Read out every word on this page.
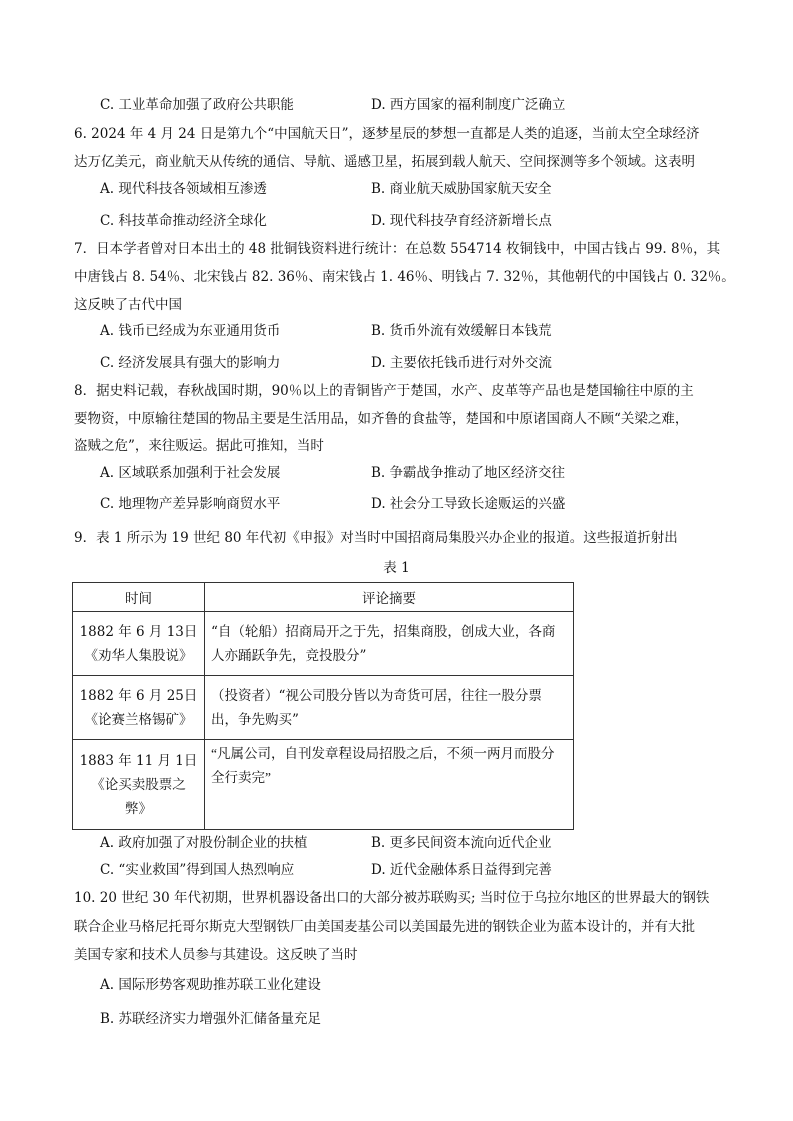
C. 工业革命加强了政府公共职能	D. 西方国家的福利制度广泛确立
6. 2024 年 4 月 24 日是第九个“中国航天日”，逐梦星辰的梦想一直都是人类的追逐，当前太空全球经济
达万亿美元，商业航天从传统的通信、导航、遥感卫星，拓展到载人航天、空间探测等多个领域。这表明
A. 现代科技各领域相互渗透	B. 商业航天威胁国家航天安全
C. 科技革命推动经济全球化	D. 现代科技孕育经济新增长点
7．日本学者曾对日本出土的 48 批铜钱资料进行统计：在总数 554714 枚铜钱中，中国古钱占 99. 8％，其
中唐钱占 8. 54％、北宋钱占 82. 36％、南宋钱占 1. 46％、明钱占 7. 32％，其他朝代的中国钱占 0. 32％。
这反映了古代中国
A. 钱币已经成为东亚通用货币	B. 货币外流有效缓解日本钱荒
C. 经济发展具有强大的影响力	D. 主要依托钱币进行对外交流
8．据史料记载，春秋战国时期，90％以上的青铜皆产于楚国，水产、皮革等产品也是楚国输往中原的主
要物资，中原输往楚国的物品主要是生活用品，如齐鲁的食盐等，楚国和中原诸国商人不顾“关梁之难，
盗贼之危”，来往贩运。据此可推知，当时
A. 区域联系加强利于社会发展	B. 争霸战争推动了地区经济交往
C. 地理物产差异影响商贸水平	D. 社会分工导致长途贩运的兴盛
9．表 1 所示为 19 世纪 80 年代初《申报》对当时中国招商局集股兴办企业的报道。这些报道折射出
表 1
时间	评论摘要

1882 年 6 月 13日
《劝华人集股说》	“自（轮船）招商局开之于先，招集商股，创成大业，各商人亦踊跃争先，竞投股分”

1882 年 6 月 25日
《论赛兰格锡矿》	（投资者）“视公司股分皆以为奇货可居，往往一股分票出，争先购买”

1883 年 11 月 1日
《论买卖股票之弊》	“凡属公司，自刊发章程设局招股之后，不须一两月而股分全行卖完”
A. 政府加强了对股份制企业的扶植	B. 更多民间资本流向近代企业
C. “实业救国”得到国人热烈响应	D. 近代金融体系日益得到完善
10. 20 世纪 30 年代初期，世界机器设备出口的大部分被苏联购买; 当时位于乌拉尔地区的世界最大的钢铁
联合企业马格尼托哥尔斯克大型钢铁厂由美国麦基公司以美国最先进的钢铁企业为蓝本设计的，并有大批
美国专家和技术人员参与其建设。这反映了当时
A. 国际形势客观助推苏联工业化建设
B. 苏联经济实力增强外汇储备量充足
